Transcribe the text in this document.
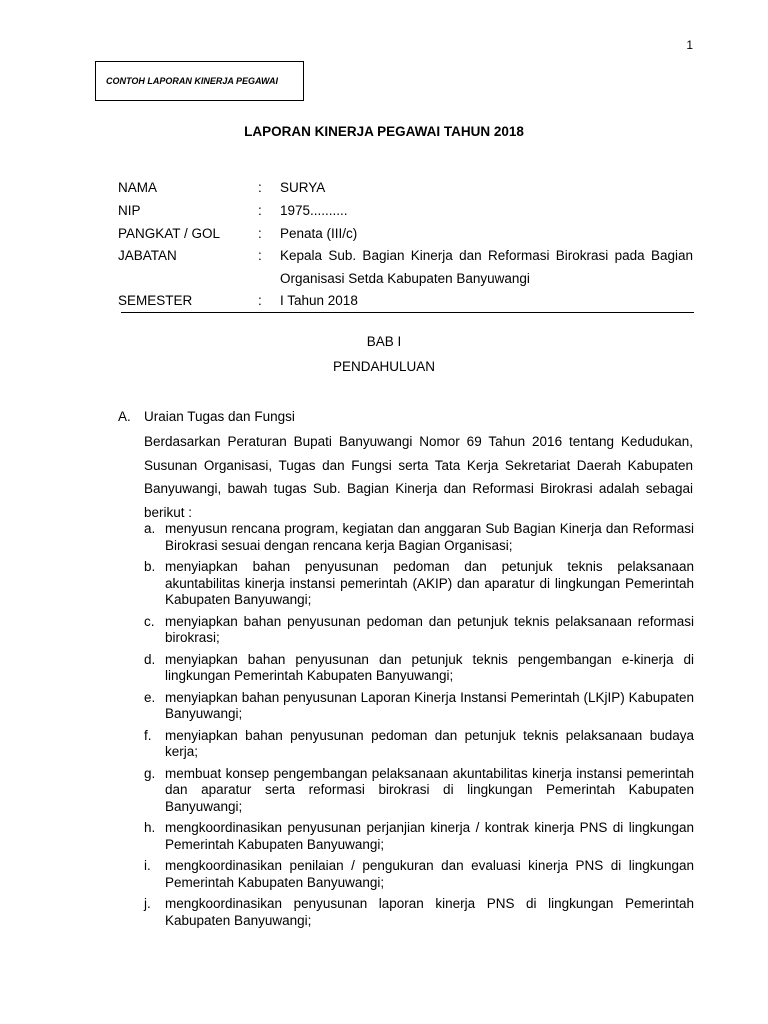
1
CONTOH LAPORAN KINERJA PEGAWAI
LAPORAN KINERJA PEGAWAI TAHUN 2018
NAMA	: SURYA
NIP	: 1975..........
PANGKAT / GOL	: Penata (III/c)
JABATAN	: Kepala Sub. Bagian Kinerja dan Reformasi Birokrasi pada Bagian Organisasi Setda Kabupaten Banyuwangi
SEMESTER	: I Tahun 2018
BAB I
PENDAHULUAN
A. Uraian Tugas dan Fungsi
Berdasarkan Peraturan Bupati Banyuwangi Nomor 69 Tahun 2016 tentang Kedudukan, Susunan Organisasi, Tugas dan Fungsi serta Tata Kerja Sekretariat Daerah Kabupaten Banyuwangi, bawah tugas Sub. Bagian Kinerja dan Reformasi Birokrasi adalah sebagai berikut :
a. menyusun rencana program, kegiatan dan anggaran Sub Bagian Kinerja dan Reformasi Birokrasi sesuai dengan rencana kerja Bagian Organisasi;
b. menyiapkan bahan penyusunan pedoman dan petunjuk teknis pelaksanaan akuntabilitas kinerja instansi pemerintah (AKIP) dan aparatur di lingkungan Pemerintah Kabupaten Banyuwangi;
c. menyiapkan bahan penyusunan pedoman dan petunjuk teknis pelaksanaan reformasi birokrasi;
d. menyiapkan bahan penyusunan dan petunjuk teknis pengembangan e-kinerja di lingkungan Pemerintah Kabupaten Banyuwangi;
e. menyiapkan bahan penyusunan Laporan Kinerja Instansi Pemerintah (LKjIP) Kabupaten Banyuwangi;
f. menyiapkan bahan penyusunan pedoman dan petunjuk teknis pelaksanaan budaya kerja;
g. membuat konsep pengembangan pelaksanaan akuntabilitas kinerja instansi pemerintah dan aparatur serta reformasi birokrasi di lingkungan Pemerintah Kabupaten Banyuwangi;
h. mengkoordinasikan penyusunan perjanjian kinerja / kontrak kinerja PNS di lingkungan Pemerintah Kabupaten Banyuwangi;
i. mengkoordinasikan penilaian / pengukuran dan evaluasi kinerja PNS di lingkungan Pemerintah Kabupaten Banyuwangi;
j. mengkoordinasikan penyusunan laporan kinerja PNS di lingkungan Pemerintah Kabupaten Banyuwangi;
